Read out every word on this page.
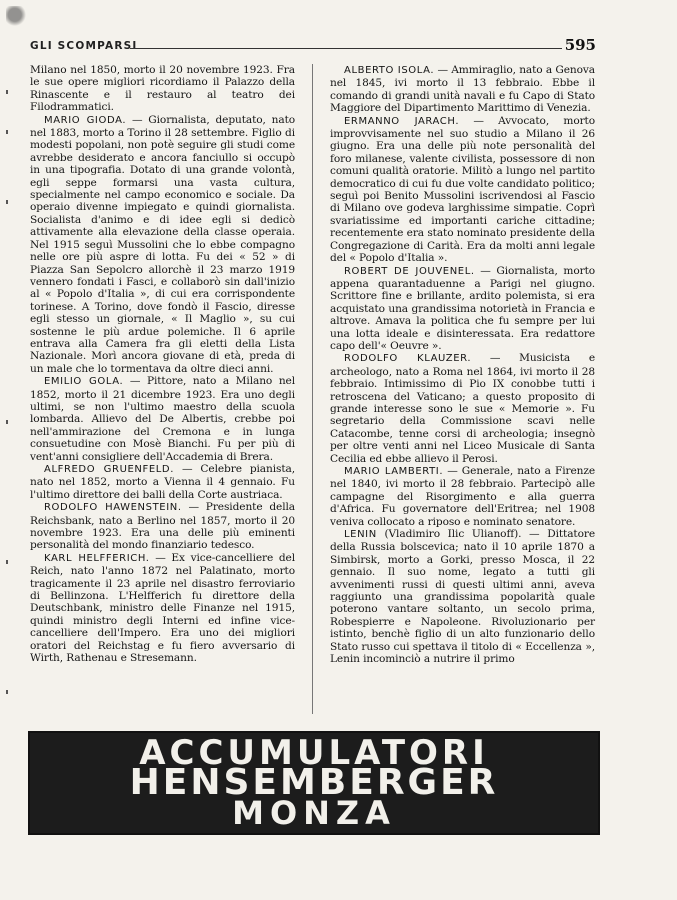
GLI SCOMPARSI	595

Milano nel 1850, morto il 20 novembre 1923. Fra le sue opere migliori ricordiamo il Palazzo della Rinascente e il restauro al teatro dei Filodrammatici.

MARIO GIODA. — Giornalista, deputato, nato nel 1883, morto a Torino il 28 settembre. Figlio di modesti popolani, non potè seguire gli studi come avrebbe desiderato e ancora fanciullo si occupò in una tipografia. Dotato di una grande volontà, egli seppe formarsi una vasta cultura, specialmente nel campo economico e sociale. Da operaio divenne impiegato e quindi giornalista. Socialista d'animo e di idee egli si dedicò attivamente alla elevazione della classe operaia. Nel 1915 seguì Mussolini che lo ebbe compagno nelle ore più aspre di lotta. Fu dei « 52 » di Piazza San Sepolcro allorchè il 23 marzo 1919 vennero fondati i Fasci, e collaborò sin dall'inizio al « Popolo d'Italia », di cui era corrispondente torinese. A Torino, dove fondò il Fascio, diresse egli stesso un giornale, « Il Maglio », su cui sostenne le più ardue polemiche. Il 6 aprile entrava alla Camera fra gli eletti della Lista Nazionale. Morì ancora giovane di età, preda di un male che lo tormentava da oltre dieci anni.

EMILIO GOLA. — Pittore, nato a Milano nel 1852, morto il 21 dicembre 1923. Era uno degli ultimi, se non l'ultimo maestro della scuola lombarda. Allievo del De Albertis, crebbe poi nell'ammirazione del Cremona e in lunga consuetudine con Mosè Bianchi. Fu per più di vent'anni consigliere dell'Accademia di Brera.

ALFREDO GRUENFELD. — Celebre pianista, nato nel 1852, morto a Vienna il 4 gennaio. Fu l'ultimo direttore dei balli della Corte austriaca.

RODOLFO HAWENSTEIN. — Presidente della Reichsbank, nato a Berlino nel 1857, morto il 20 novembre 1923. Era una delle più eminenti personalità del mondo finanziario tedesco.

KARL HELFFERICH. — Ex vice-cancelliere del Reich, nato l'anno 1872 nel Palatinato, morto tragicamente il 23 aprile nel disastro ferroviario di Bellinzona. L'Helfferich fu direttore della Deutschbank, ministro delle Finanze nel 1915, quindi ministro degli Interni ed infine vice-cancelliere dell'Impero. Era uno dei migliori oratori del Reichstag e fu fiero avversario di Wirth, Rathenau e Stresemann.

ALBERTO ISOLA. — Ammiraglio, nato a Genova nel 1845, ivi morto il 13 febbraio. Ebbe il comando di grandi unità navali e fu Capo di Stato Maggiore del Dipartimento Marittimo di Venezia.

ERMANNO JARACH. — Avvocato, morto improvvisamente nel suo studio a Milano il 26 giugno. Era una delle più note personalità del foro milanese, valente civilista, possessore di non comuni qualità oratorie. Militò a lungo nel partito democratico di cui fu due volte candidato politico; seguì poi Benito Mussolini iscrivendosi al Fascio di Milano ove godeva larghissime simpatie. Coprì svariatissime ed importanti cariche cittadine; recentemente era stato nominato presidente della Congregazione di Carità. Era da molti anni legale del « Popolo d'Italia ».

ROBERT DE JOUVENEL. — Giornalista, morto appena quarantaduenne a Parigi nel giugno. Scrittore fine e brillante, ardito polemista, si era acquistato una grandissima notorietà in Francia e altrove. Amava la politica che fu sempre per lui una lotta ideale e disinteressata. Era redattore capo dell'« Oeuvre ».

RODOLFO KLAUZER. — Musicista e archeologo, nato a Roma nel 1864, ivi morto il 28 febbraio. Intimissimo di Pio IX conobbe tutti i retroscena del Vaticano; a questo proposito di grande interesse sono le sue « Memorie ». Fu segretario della Commissione scavi nelle Catacombe, tenne corsi di archeologia; insegnò per oltre venti anni nel Liceo Musicale di Santa Cecilia ed ebbe allievo il Perosi.

MARIO LAMBERTI. — Generale, nato a Firenze nel 1840, ivi morto il 28 febbraio. Partecipò alle campagne del Risorgimento e alla guerra d'Africa. Fu governatore dell'Eritrea; nel 1908 veniva collocato a riposo e nominato senatore.

LENIN (Vladimiro Ilic Ulianoff). — Dittatore della Russia bolscevica; nato il 10 aprile 1870 a Simbirsk, morto a Gorki, presso Mosca, il 22 gennaio. Il suo nome, legato a tutti gli avvenimenti russi di questi ultimi anni, aveva raggiunto una grandissima popolarità quale poterono vantare soltanto, un secolo prima, Robespierre e Napoleone. Rivoluzionario per istinto, benchè figlio di un alto funzionario dello Stato russo cui spettava il titolo di « Eccellenza », Lenin incominciò a nutrire il primo

ACCUMULATORI
HENSEMBERGER
MONZA
